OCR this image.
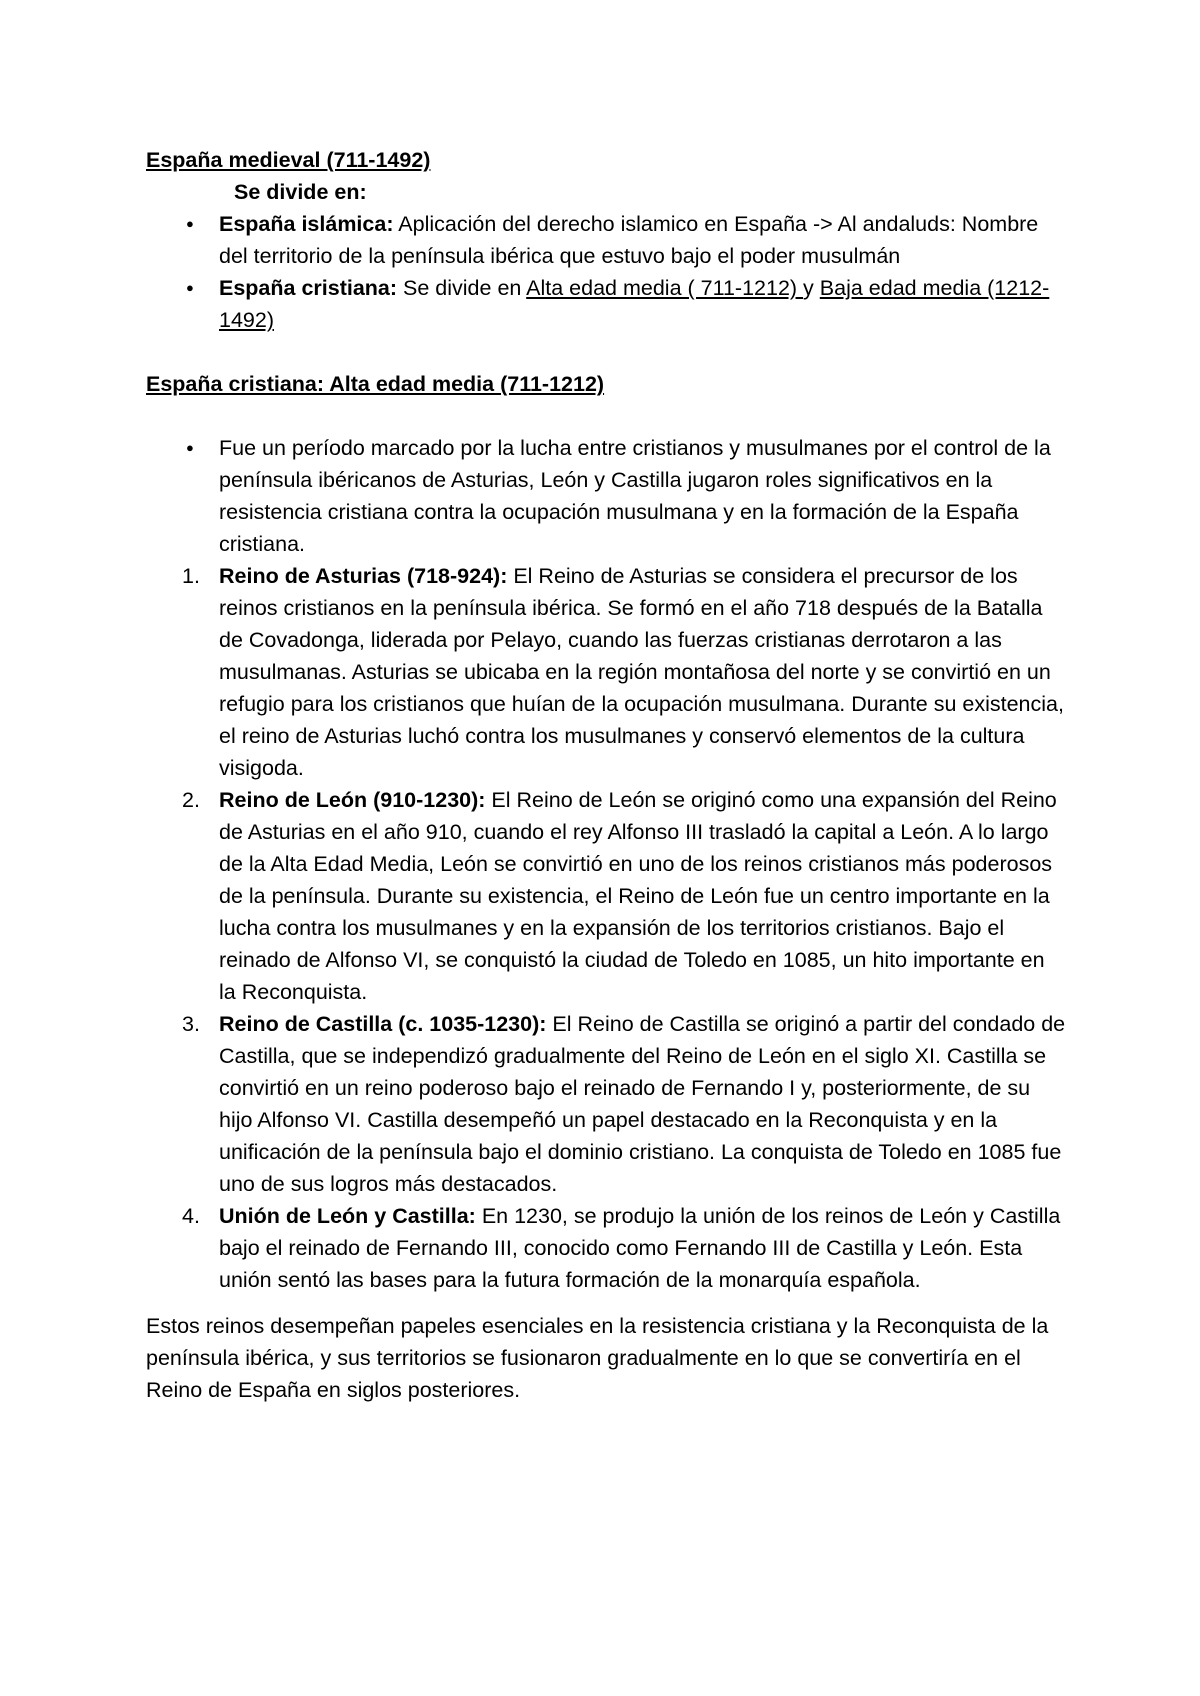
España medieval (711-1492)

Se divide en:

● España islámica: Aplicación del derecho islamico en España -> Al andaluds: Nombre del territorio de la península ibérica que estuvo bajo el poder musulmán
● España cristiana: Se divide en Alta edad media ( 711-1212) y Baja edad media (1212-1492)

España cristiana: Alta edad media (711-1212)

● Fue un período marcado por la lucha entre cristianos y musulmanes por el control de la península ibéricanos de Asturias, León y Castilla jugaron roles significativos en la resistencia cristiana contra la ocupación musulmana y en la formación de la España cristiana.
1. Reino de Asturias (718-924): El Reino de Asturias se considera el precursor de los reinos cristianos en la península ibérica. Se formó en el año 718 después de la Batalla de Covadonga, liderada por Pelayo, cuando las fuerzas cristianas derrotaron a las musulmanas. Asturias se ubicaba en la región montañosa del norte y se convirtió en un refugio para los cristianos que huían de la ocupación musulmana. Durante su existencia, el reino de Asturias luchó contra los musulmanes y conservó elementos de la cultura visigoda.
2. Reino de León (910-1230): El Reino de León se originó como una expansión del Reino de Asturias en el año 910, cuando el rey Alfonso III trasladó la capital a León. A lo largo de la Alta Edad Media, León se convirtió en uno de los reinos cristianos más poderosos de la península. Durante su existencia, el Reino de León fue un centro importante en la lucha contra los musulmanes y en la expansión de los territorios cristianos. Bajo el reinado de Alfonso VI, se conquistó la ciudad de Toledo en 1085, un hito importante en la Reconquista.
3. Reino de Castilla (c. 1035-1230): El Reino de Castilla se originó a partir del condado de Castilla, que se independizó gradualmente del Reino de León en el siglo XI. Castilla se convirtió en un reino poderoso bajo el reinado de Fernando I y, posteriormente, de su hijo Alfonso VI. Castilla desempeñó un papel destacado en la Reconquista y en la unificación de la península bajo el dominio cristiano. La conquista de Toledo en 1085 fue uno de sus logros más destacados.
4. Unión de León y Castilla: En 1230, se produjo la unión de los reinos de León y Castilla bajo el reinado de Fernando III, conocido como Fernando III de Castilla y León. Esta unión sentó las bases para la futura formación de la monarquía española.

Estos reinos desempeñan papeles esenciales en la resistencia cristiana y la Reconquista de la península ibérica, y sus territorios se fusionaron gradualmente en lo que se convertiría en el Reino de España en siglos posteriores.
